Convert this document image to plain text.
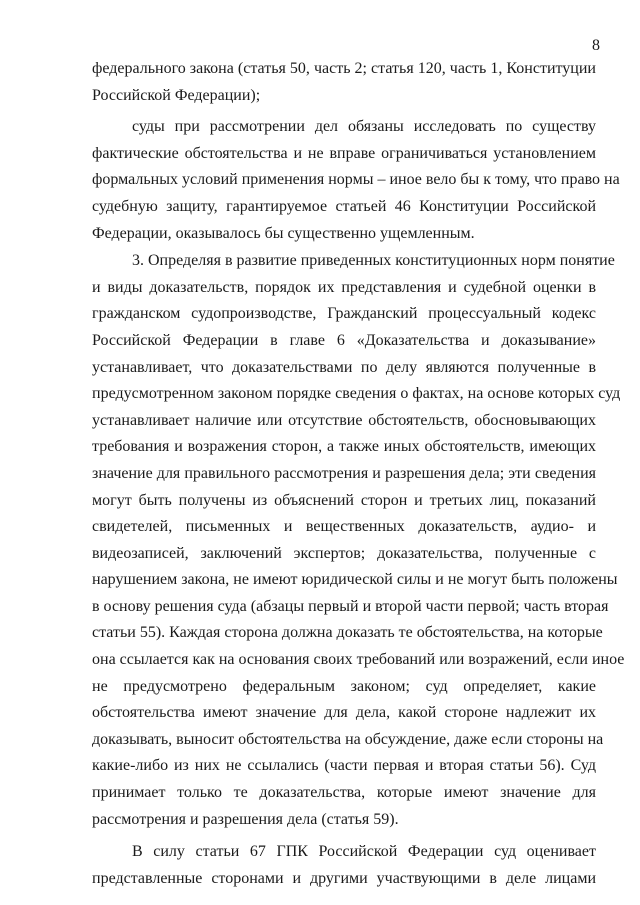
8
федерального закона (статья 50, часть 2; статья 120, часть 1, Конституции
Российской Федерации);
суды при рассмотрении дел обязаны исследовать по существу
фактические обстоятельства и не вправе ограничиваться установлением
формальных условий применения нормы – иное вело бы к тому, что право на
судебную защиту, гарантируемое статьей 46 Конституции Российской
Федерации, оказывалось бы существенно ущемленным.
3. Определяя в развитие приведенных конституционных норм понятие
и виды доказательств, порядок их представления и судебной оценки в
гражданском судопроизводстве, Гражданский процессуальный кодекс
Российской Федерации в главе 6 «Доказательства и доказывание»
устанавливает, что доказательствами по делу являются полученные в
предусмотренном законом порядке сведения о фактах, на основе которых суд
устанавливает наличие или отсутствие обстоятельств, обосновывающих
требования и возражения сторон, а также иных обстоятельств, имеющих
значение для правильного рассмотрения и разрешения дела; эти сведения
могут быть получены из объяснений сторон и третьих лиц, показаний
свидетелей, письменных и вещественных доказательств, аудио- и
видеозаписей, заключений экспертов; доказательства, полученные с
нарушением закона, не имеют юридической силы и не могут быть положены
в основу решения суда (абзацы первый и второй части первой; часть вторая
статьи 55). Каждая сторона должна доказать те обстоятельства, на которые
она ссылается как на основания своих требований или возражений, если иное
не предусмотрено федеральным законом; суд определяет, какие
обстоятельства имеют значение для дела, какой стороне надлежит их
доказывать, выносит обстоятельства на обсуждение, даже если стороны на
какие-либо из них не ссылались (части первая и вторая статьи 56). Суд
принимает только те доказательства, которые имеют значение для
рассмотрения и разрешения дела (статья 59).
В силу статьи 67 ГПК Российской Федерации суд оценивает
представленные сторонами и другими участвующими в деле лицами
